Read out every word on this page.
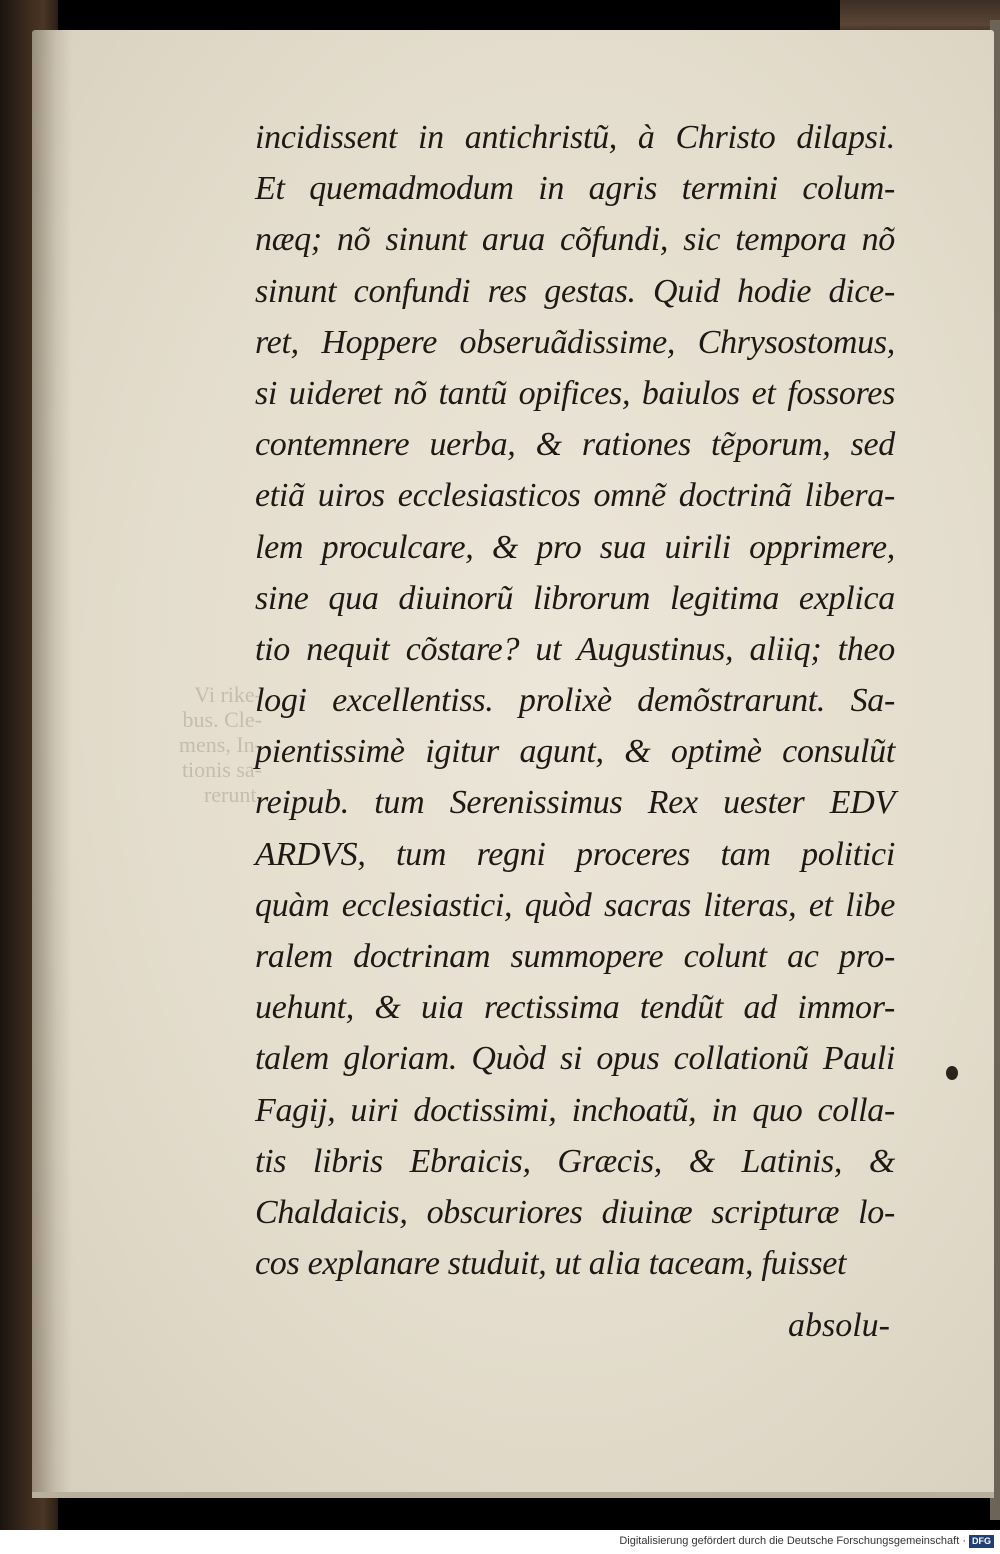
Vi rike-
bus. Cle-
mens, In-
tionis sa-
rerunt.
incidissent in antichristũ, à Christo dilapsi.
Et quemadmodum in agris termini colum-
næq; nõ sinunt arua cõfundi, sic tempora nõ
sinunt confundi res gestas. Quid hodie dice-
ret, Hoppere obseruãdissime, Chrysostomus,
si uideret nõ tantũ opifices, baiulos et fossores
contemnere uerba, & rationes tẽporum, sed
etiã uiros ecclesiasticos omnẽ doctrinã libera-
lem proculcare, & pro sua uirili opprimere,
sine qua diuinorũ librorum legitima explica
tio nequit cõstare? ut Augustinus, aliiq; theo
logi excellentiss. prolixè demõstrarunt. Sa-
pientissimè igitur agunt, & optimè consulũt
reipub. tum Serenissimus Rex uester EDV
ARDVS, tum regni proceres tam politici
quàm ecclesiastici, quòd sacras literas, et libe
ralem doctrinam summopere colunt ac pro-
uehunt, & uia rectissima tendũt ad immor-
talem gloriam. Quòd si opus collationũ Pauli
Fagij, uiri doctissimi, inchoatũ, in quo colla-
tis libris Ebraicis, Græcis, & Latinis, &
Chaldaicis, obscuriores diuinæ scripturæ lo-
cos explanare studuit, ut alia taceam, fuisset
absolu-
Digitalisierung gefördert durch die Deutsche Forschungsgemeinschaft · DFG
